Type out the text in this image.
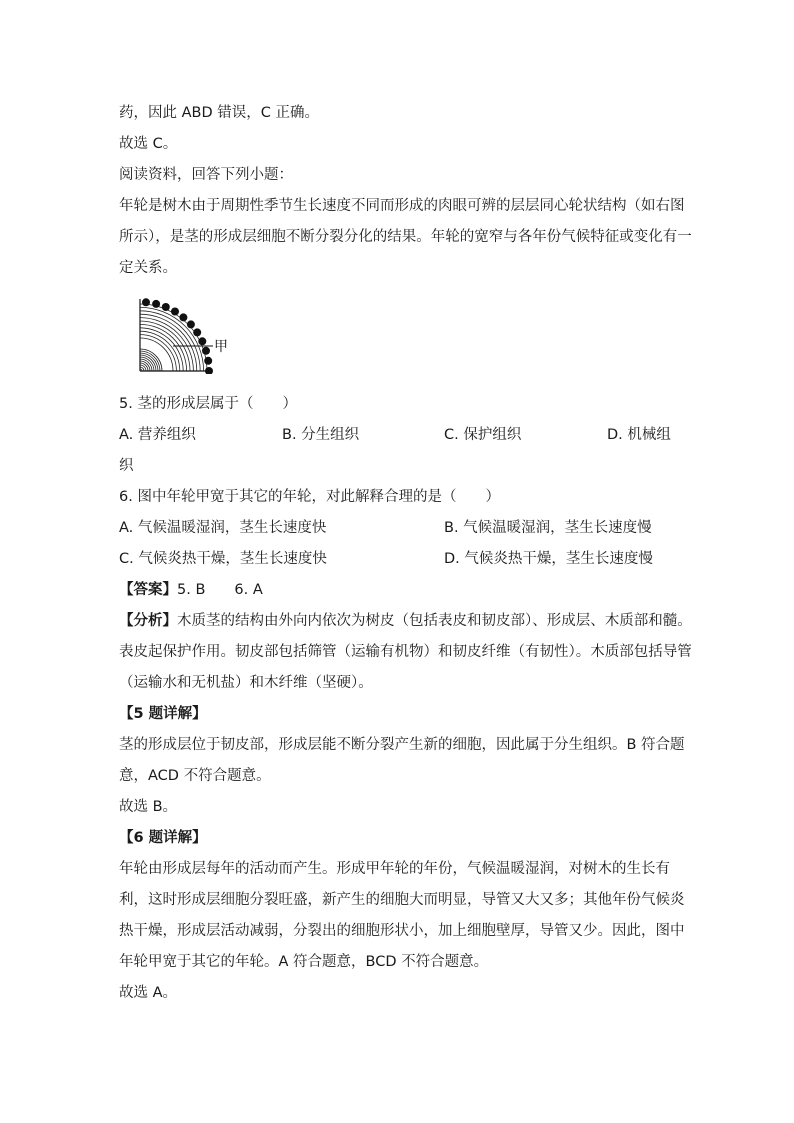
药，因此 ABD 错误，C 正确。
故选 C。
阅读资料，回答下列小题：
年轮是树木由于周期性季节生长速度不同而形成的肉眼可辨的层层同心轮状结构（如右图
所示），是茎的形成层细胞不断分裂分化的结果。年轮的宽窄与各年份气候特征或变化有一
定关系。
甲
5. 茎的形成层属于（　　）
A. 营养组织	B. 分生组织	C. 保护组织	D. 机械组
织
6. 图中年轮甲宽于其它的年轮，对此解释合理的是（　　）
A. 气候温暖湿润，茎生长速度快	B. 气候温暖湿润，茎生长速度慢
C. 气候炎热干燥，茎生长速度快	D. 气候炎热干燥，茎生长速度慢
【答案】5. B　　6. A
【分析】木质茎的结构由外向内依次为树皮（包括表皮和韧皮部）、形成层、木质部和髓。
表皮起保护作用。韧皮部包括筛管（运输有机物）和韧皮纤维（有韧性）。木质部包括导管
（运输水和无机盐）和木纤维（坚硬）。
【5 题详解】
茎的形成层位于韧皮部，形成层能不断分裂产生新的细胞，因此属于分生组织。B 符合题
意，ACD 不符合题意。
故选 B。
【6 题详解】
年轮由形成层每年的活动而产生。形成甲年轮的年份，气候温暖湿润，对树木的生长有
利，这时形成层细胞分裂旺盛，新产生的细胞大而明显，导管又大又多；其他年份气候炎
热干燥，形成层活动减弱，分裂出的细胞形状小，加上细胞壁厚，导管又少。因此，图中
年轮甲宽于其它的年轮。A 符合题意，BCD 不符合题意。
故选 A。
